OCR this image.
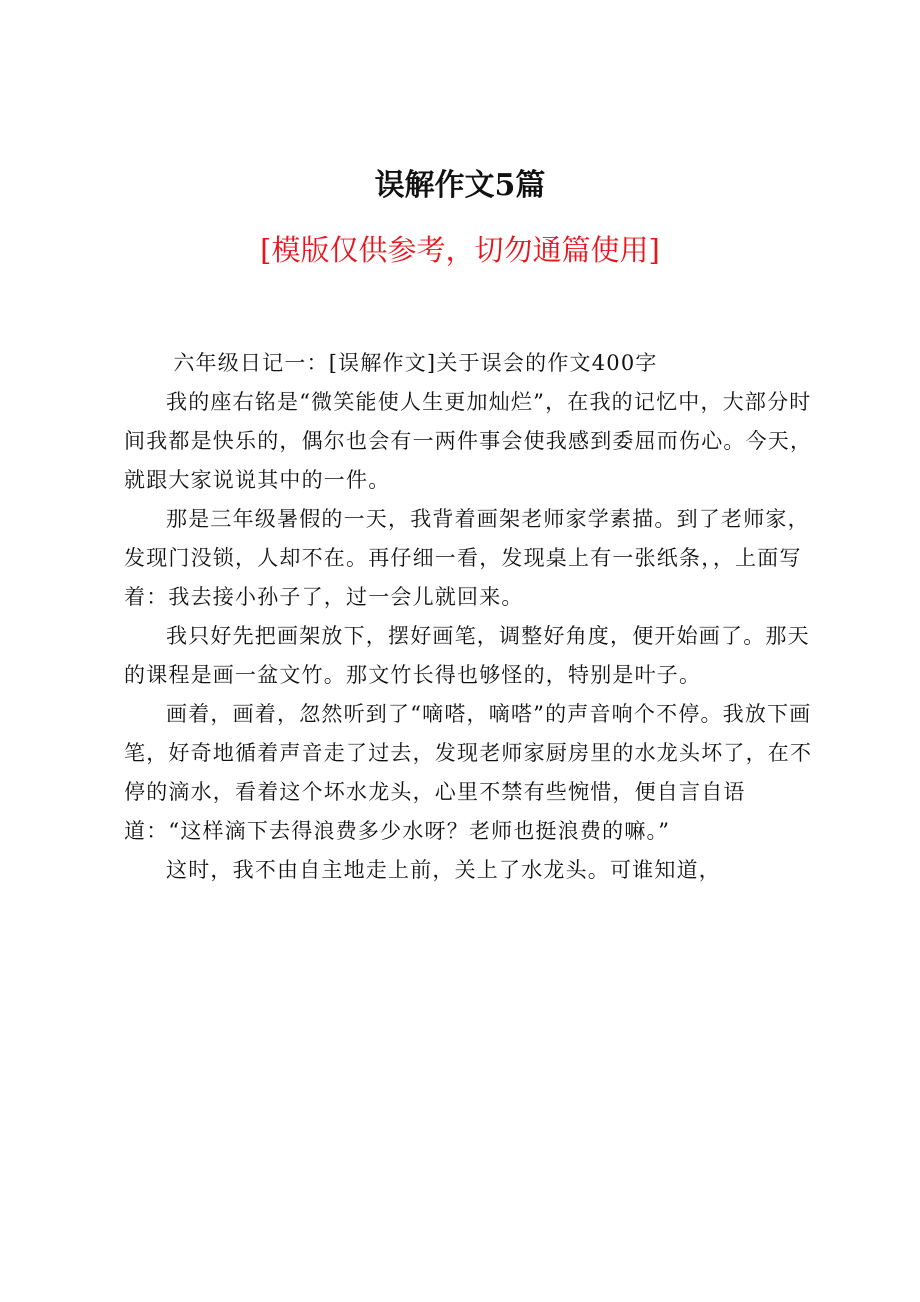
误解作文5篇
[模版仅供参考，切勿通篇使用]

六年级日记一：[误解作文]关于误会的作文400字

我的座右铭是“微笑能使人生更加灿烂”，在我的记忆中，大部分时间我都是快乐的，偶尔也会有一两件事会使我感到委屈而伤心。今天，就跟大家说说其中的一件。

那是三年级暑假的一天，我背着画架老师家学素描。到了老师家，发现门没锁，人却不在。再仔细一看，发现桌上有一张纸条，，上面写着：我去接小孙子了，过一会儿就回来。

我只好先把画架放下，摆好画笔，调整好角度，便开始画了。那天的课程是画一盆文竹。那文竹长得也够怪的，特别是叶子。

画着，画着，忽然听到了“嘀嗒，嘀嗒”的声音响个不停。我放下画笔，好奇地循着声音走了过去，发现老师家厨房里的水龙头坏了，在不停的滴水，看着这个坏水龙头，心里不禁有些惋惜，便自言自语道：“这样滴下去得浪费多少水呀？老师也挺浪费的嘛。”

这时，我不由自主地走上前，关上了水龙头。可谁知道，
